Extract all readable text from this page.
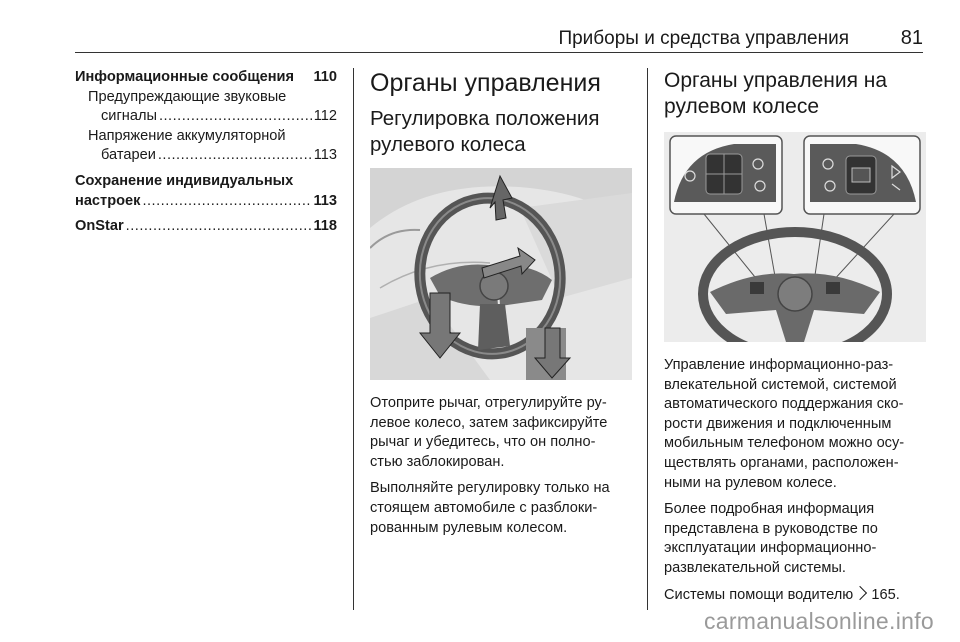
Приборы и средства управления	81
Информационные сообщения 110
Предупреждающие звуковые
сигналы .....	112
Напряжение аккумуляторной
батареи .....	113
Сохранение индивидуальных
настроек .....	113
OnStar .....	118
Органы управления
Регулировка положения
рулевого колеса

Отоприте рычаг, отрегулируйте ру-
левое колесо, затем зафиксируйте
рычаг и убедитесь, что он полно-
стью заблокирован.

Выполняйте регулировку только на
стоящем автомобиле с разблоки-
рованным рулевым колесом.

Органы управления на
рулевом колесе

Управление информационно-раз-
влекательной системой, системой
автоматического поддержания ско-
рости движения и подключенным
мобильным телефоном можно осу-
ществлять органами, расположен-
ными на рулевом колесе.

Более подробная информация
представлена в руководстве по
эксплуатации информационно-
развлекательной системы.

Системы помощи водителю 165.

carmanualsonline.info
